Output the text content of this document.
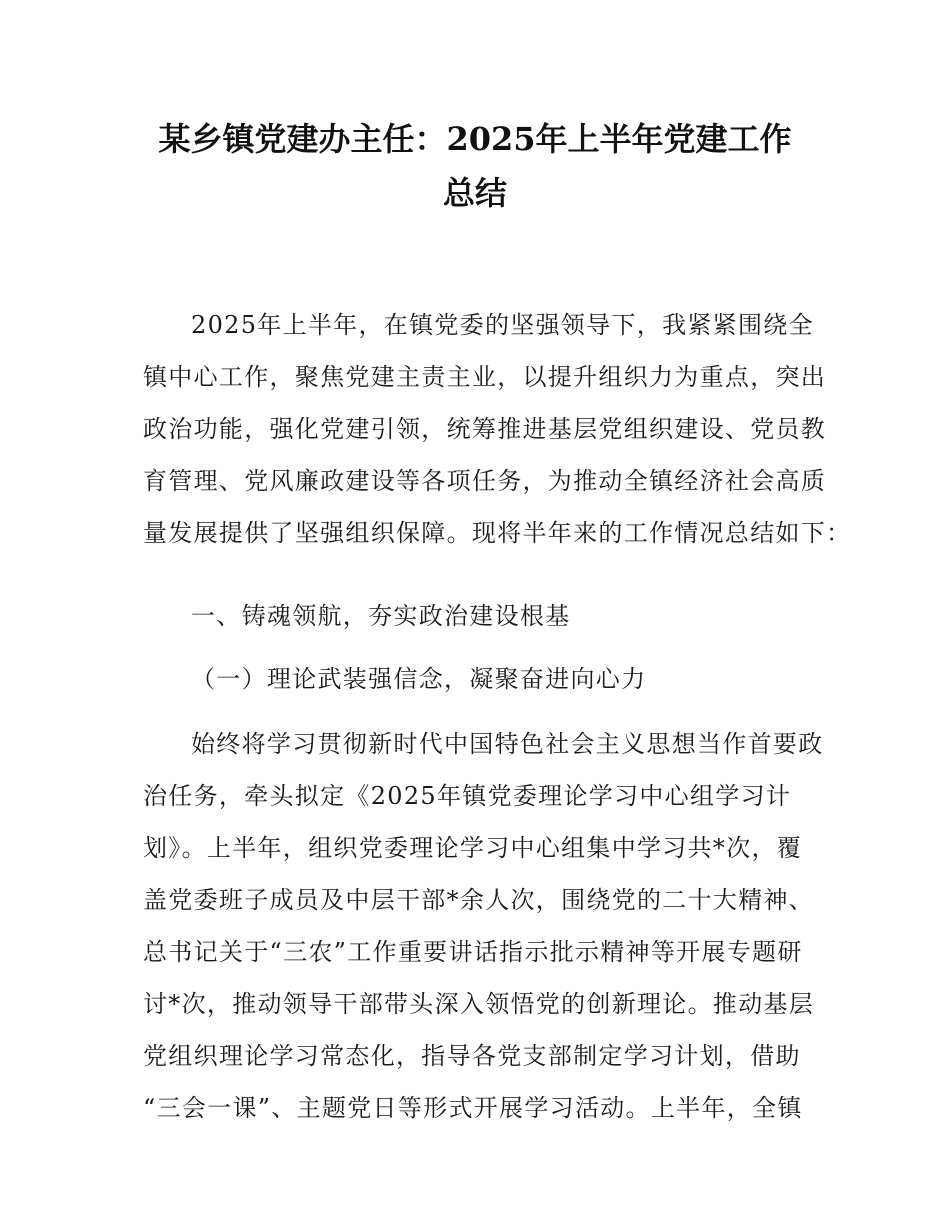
某乡镇党建办主任：2025年上半年党建工作
总结
2025年上半年，在镇党委的坚强领导下，我紧紧围绕全
镇中心工作，聚焦党建主责主业，以提升组织力为重点，突出
政治功能，强化党建引领，统筹推进基层党组织建设、党员教
育管理、党风廉政建设等各项任务，为推动全镇经济社会高质
量发展提供了坚强组织保障。现将半年来的工作情况总结如下：
一、铸魂领航，夯实政治建设根基
（一）理论武装强信念，凝聚奋进向心力
始终将学习贯彻新时代中国特色社会主义思想当作首要政
治任务，牵头拟定《2025年镇党委理论学习中心组学习计
划》。上半年，组织党委理论学习中心组集中学习共*次，覆
盖党委班子成员及中层干部*余人次，围绕党的二十大精神、
总书记关于“三农”工作重要讲话指示批示精神等开展专题研
讨*次，推动领导干部带头深入领悟党的创新理论。推动基层
党组织理论学习常态化，指导各党支部制定学习计划，借助
“三会一课”、主题党日等形式开展学习活动。上半年，全镇
